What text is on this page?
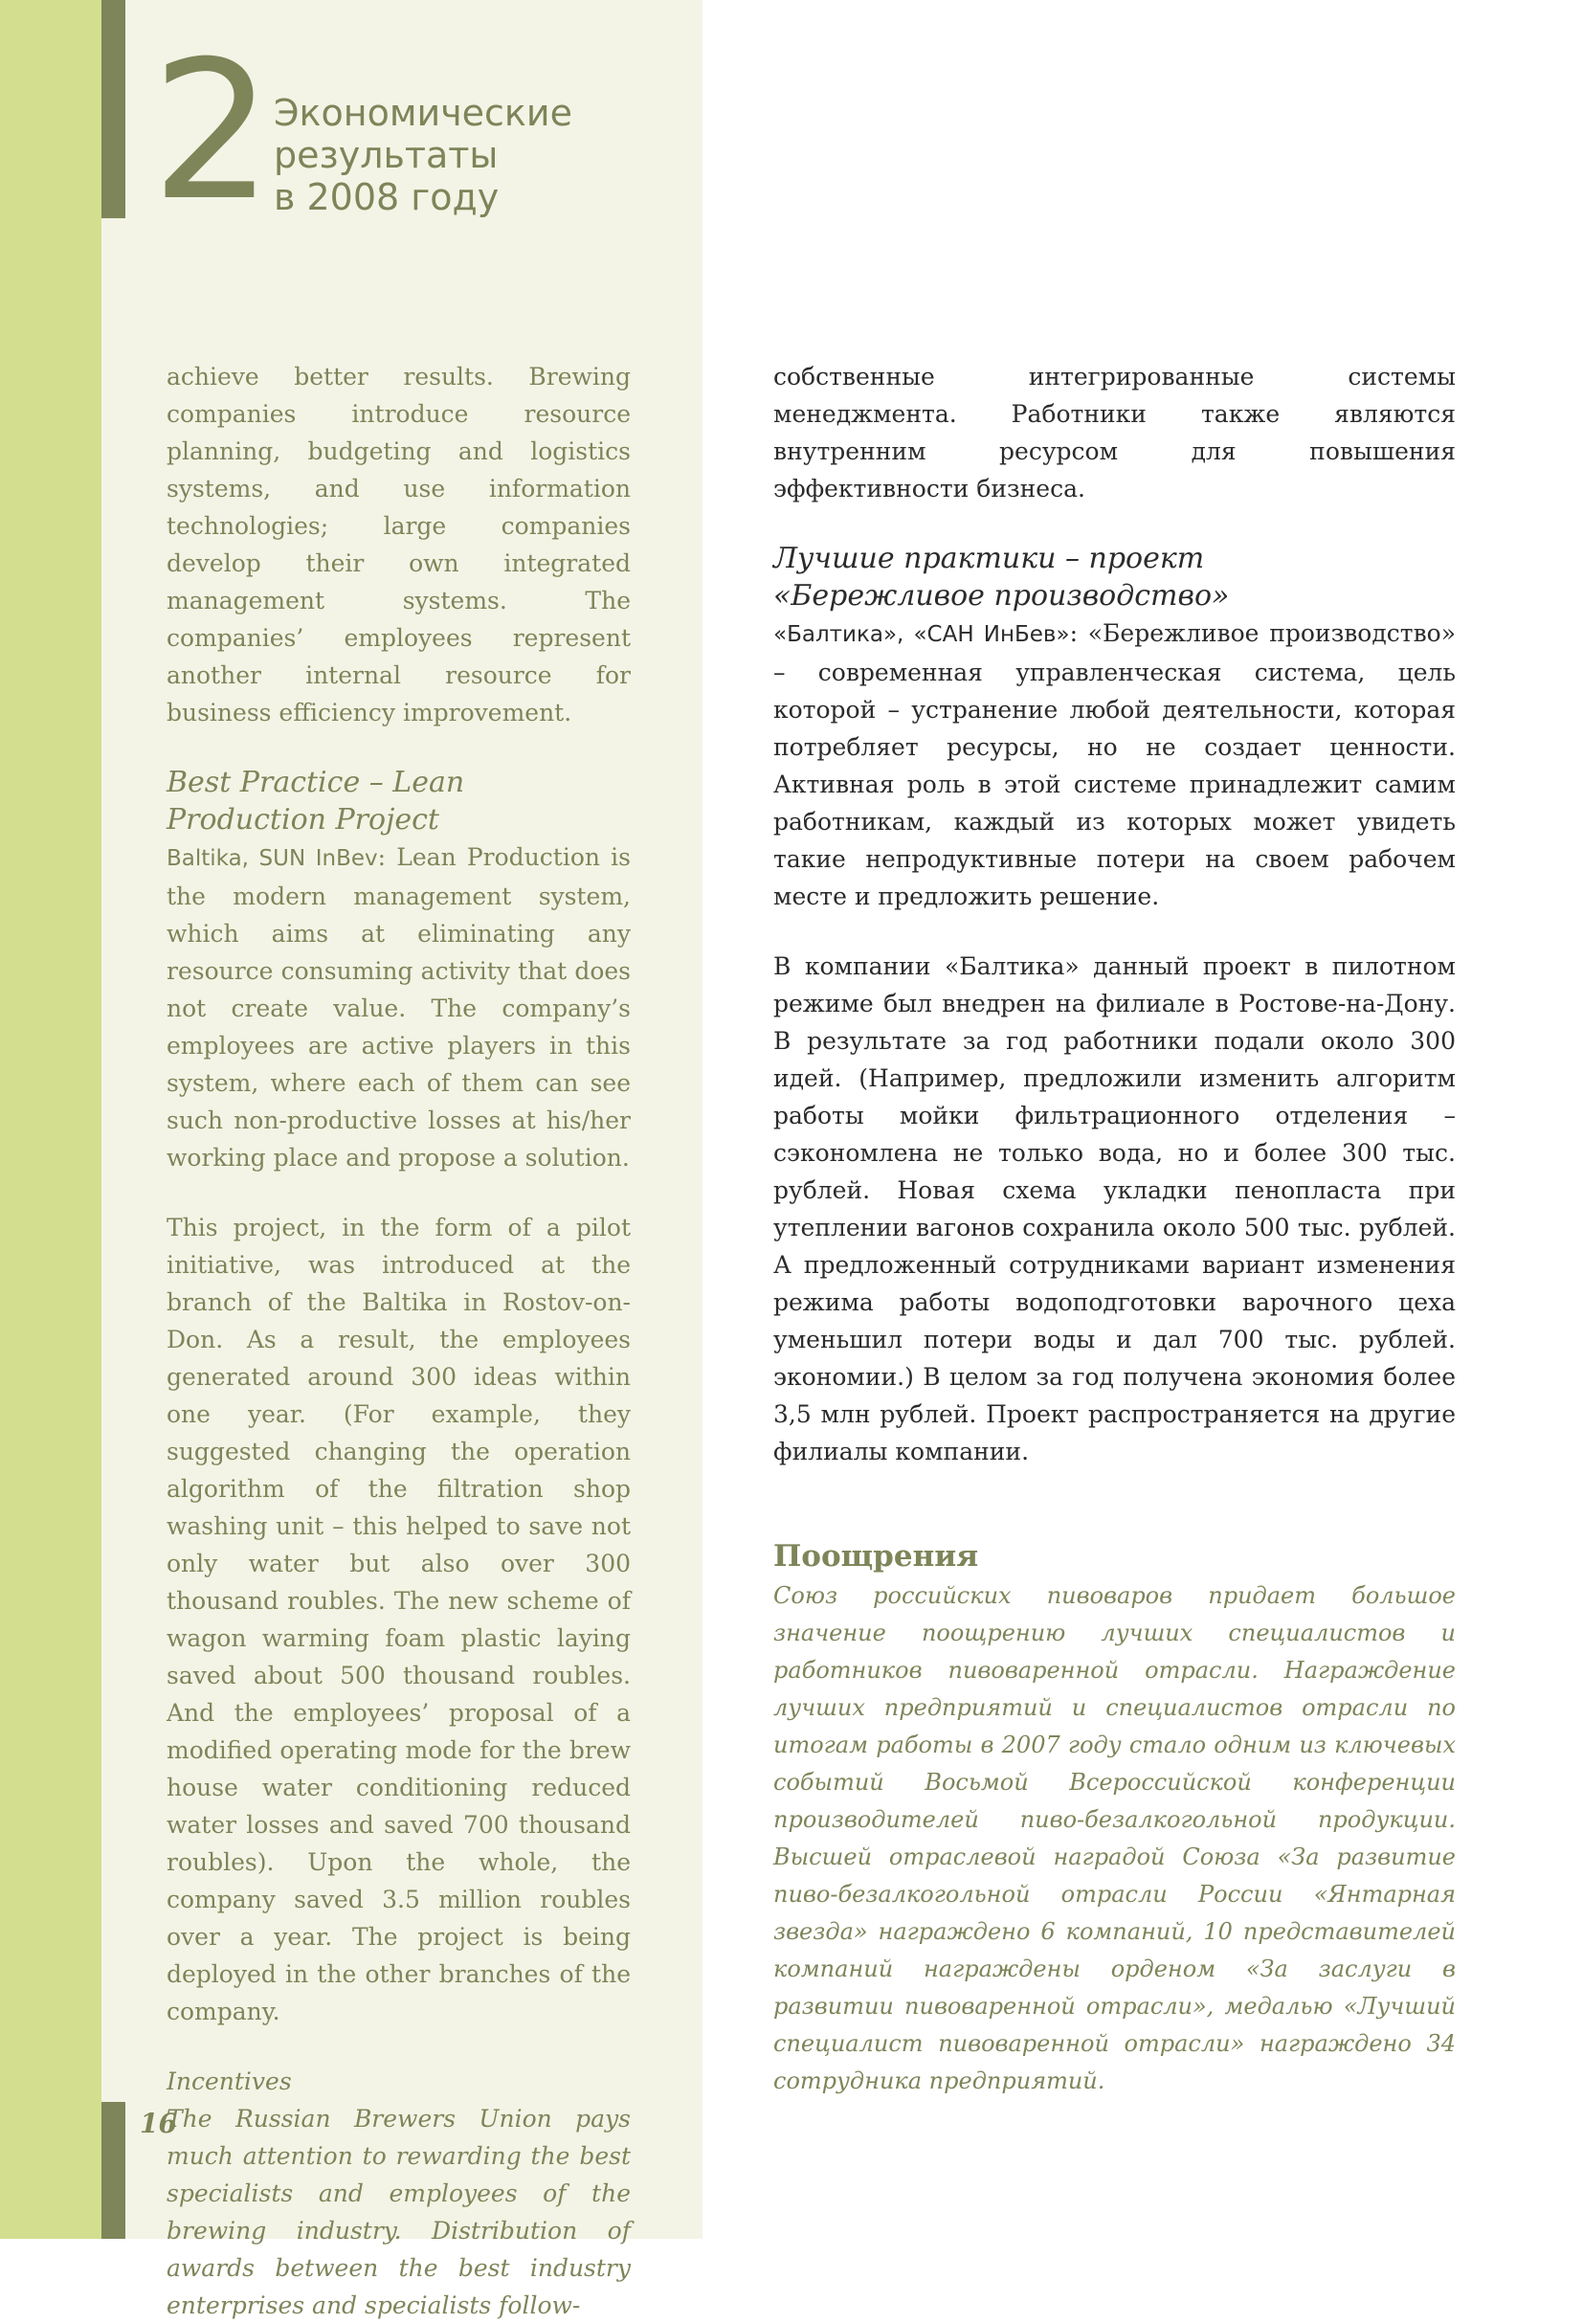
2 Экономические
результаты
в 2008 году

achieve better results. Brewing companies introduce resource planning, budgeting and logistics systems, and use information technologies; large companies develop their own integrated management systems. The companies’ employees represent another internal resource for business efficiency improvement.

Best Practice – Lean Production Project

Baltika, SUN InBev: Lean Production is the modern management system, which aims at eliminating any resource consuming activity that does not create value. The company’s employees are active players in this system, where each of them can see such non-productive losses at his/her working place and propose a solution.

This project, in the form of a pilot initiative, was introduced at the branch of the Baltika in Rostov-on-Don. As a result, the employees generated around 300 ideas within one year. (For example, they suggested changing the operation algorithm of the filtration shop washing unit – this helped to save not only water but also over 300 thousand roubles. The new scheme of wagon warming foam plastic laying saved about 500 thousand roubles. And the employees’ proposal of a modified operating mode for the brew house water conditioning reduced water losses and saved 700 thousand roubles). Upon the whole, the company saved 3.5 million roubles over a year. The project is being deployed in the other branches of the company.

Incentives

The Russian Brewers Union pays much attention to rewarding the best specialists and employees of the brewing industry. Distribution of awards between the best industry enterprises and specialists follow-

собственные интегрированные системы менеджмента. Работники также являются внутренним ресурсом для повышения эффективности бизнеса.

Лучшие практики – проект

«Бережливое производство»

«Балтика», «САН ИнБев»: «Бережливое производство» – современная управленческая система, цель которой – устранение любой деятельности, которая потребляет ресурсы, но не создает ценности. Активная роль в этой системе принадлежит самим работникам, каждый из которых может увидеть такие непродуктивные потери на своем рабочем месте и предложить решение.

В компании «Балтика» данный проект в пилотном режиме был внедрен на филиале в Ростове-на-Дону. В результате за год работники подали около 300 идей. (Например, предложили изменить алгоритм работы мойки фильтрационного отделения – сэкономлена не только вода, но и более 300 тыс. рублей. Новая схема укладки пенопласта при утеплении вагонов сохранила около 500 тыс. рублей. А предложенный сотрудниками вариант изменения режима работы водоподготовки варочного цеха уменьшил потери воды и дал 700 тыс. рублей. экономии.) В целом за год получена экономия более 3,5 млн рублей. Проект распространяется на другие филиалы компании.

Поощрения

Союз российских пивоваров придает большое значение поощрению лучших специалистов и работников пивоваренной отрасли. Награждение лучших предприятий и специалистов отрасли по итогам работы в 2007 году стало одним из ключевых событий Восьмой Всероссийской конференции производителей пиво-безалкогольной продукции. Высшей отраслевой наградой Союза «За развитие пиво-безалкогольной отрасли России «Янтарная звезда» награждено 6 компаний, 10 представителей компаний награждены орденом «За заслуги в развитии пивоваренной отрасли», медалью «Лучший специалист пивоваренной отрасли» награждено 34 сотрудника предприятий.

16
